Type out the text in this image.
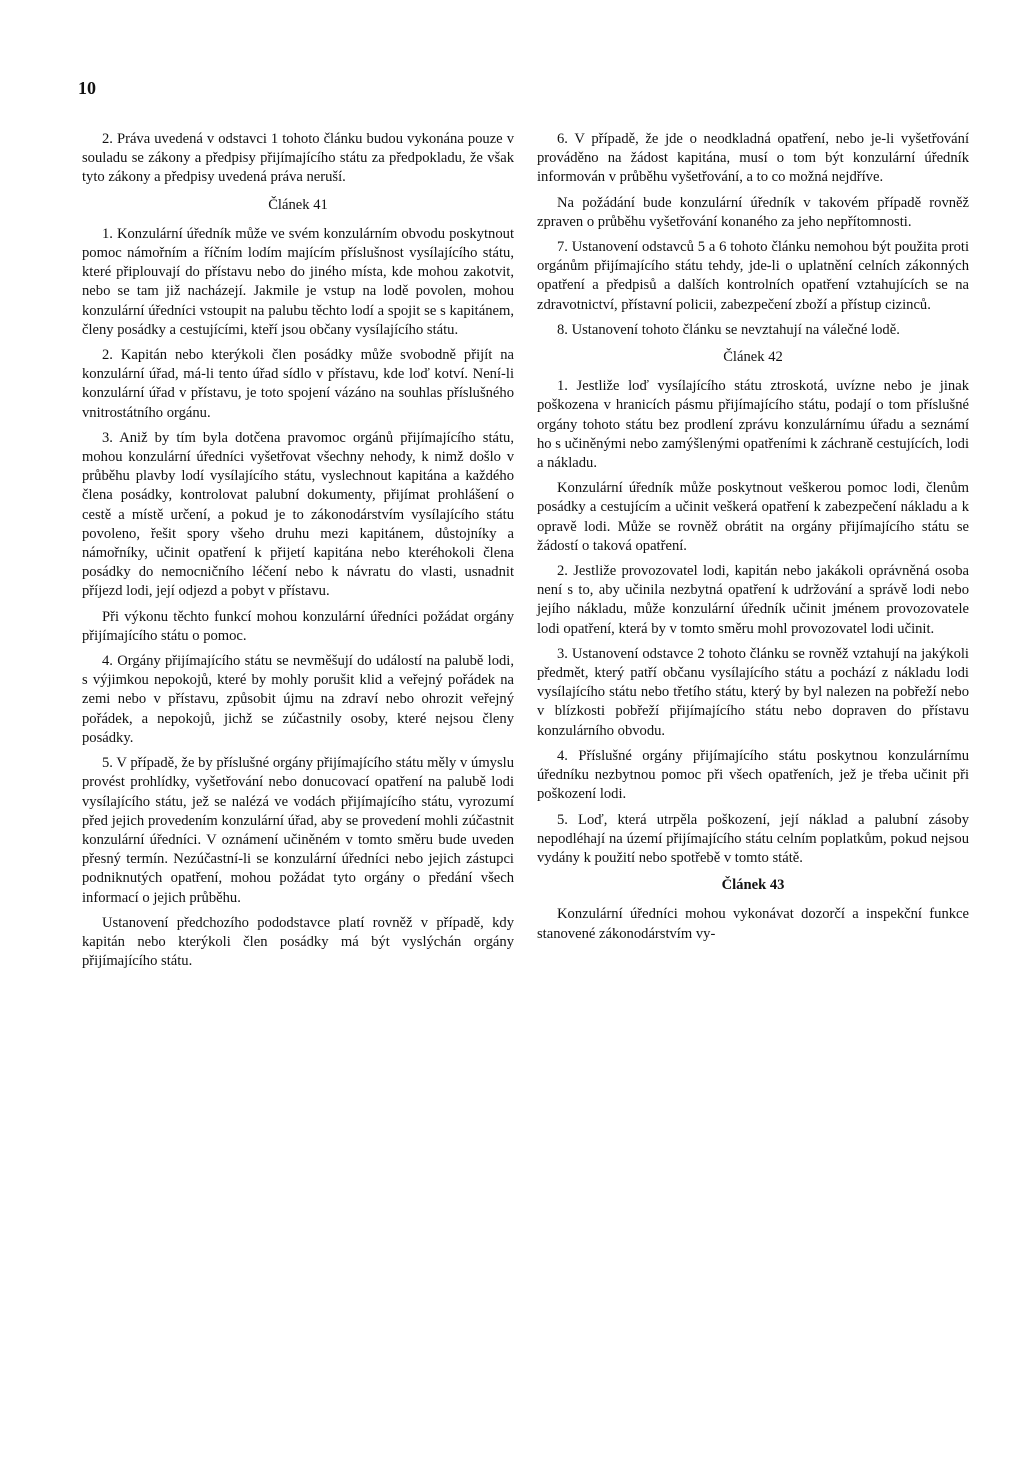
10

2. Práva uvedená v odstavci 1 tohoto článku budou vykonána pouze v souladu se zákony a předpisy přijímajícího státu za předpokladu, že však tyto zákony a předpisy uvedená práva neruší.

Článek 41

1. Konzulární úředník může ve svém konzulárním obvodu poskytnout pomoc námořním a říčním lodím majícím příslušnost vysílajícího státu, které připlouvají do přístavu nebo do jiného místa, kde mohou zakotvit, nebo se tam již nacházejí. Jakmile je vstup na lodě povolen, mohou konzulární úředníci vstoupit na palubu těchto lodí a spojit se s kapitánem, členy posádky a cestujícími, kteří jsou občany vysílajícího státu.

2. Kapitán nebo kterýkoli člen posádky může svobodně přijít na konzulární úřad, má-li tento úřad sídlo v přístavu, kde loď kotví. Není-li konzulární úřad v přístavu, je toto spojení vázáno na souhlas příslušného vnitrostátního orgánu.

3. Aniž by tím byla dotčena pravomoc orgánů přijímajícího státu, mohou konzulární úředníci vyšetřovat všechny nehody, k nimž došlo v průběhu plavby lodí vysílajícího státu, vyslechnout kapitána a každého člena posádky, kontrolovat palubní dokumenty, přijímat prohlášení o cestě a místě určení, a pokud je to zákonodárstvím vysílajícího státu povoleno, řešit spory všeho druhu mezi kapitánem, důstojníky a námořníky, učinit opatření k přijetí kapitána nebo kteréhokoli člena posádky do nemocničního léčení nebo k návratu do vlasti, usnadnit příjezd lodi, její odjezd a pobyt v přístavu.

Při výkonu těchto funkcí mohou konzulární úředníci požádat orgány přijímajícího státu o pomoc.

4. Orgány přijímajícího státu se nevměšují do událostí na palubě lodi, s výjimkou nepokojů, které by mohly porušit klid a veřejný pořádek na zemi nebo v přístavu, způsobit újmu na zdraví nebo ohrozit veřejný pořádek, a nepokojů, jichž se zúčastnily osoby, které nejsou členy posádky.

5. V případě, že by příslušné orgány přijímajícího státu měly v úmyslu provést prohlídky, vyšetřování nebo donucovací opatření na palubě lodi vysílajícího státu, jež se nalézá ve vodách přijímajícího státu, vyrozumí před jejich provedením konzulární úřad, aby se provedení mohli zúčastnit konzulární úředníci. V oznámení učiněném v tomto směru bude uveden přesný termín. Nezúčastní-li se konzulární úředníci nebo jejich zástupci podniknutých opatření, mohou požádat tyto orgány o předání všech informací o jejich průběhu.

Ustanovení předchozího pododstavce platí rovněž v případě, kdy kapitán nebo kterýkoli člen posádky má být vyslýchán orgány přijímajícího státu.

6. V případě, že jde o neodkladná opatření, nebo je-li vyšetřování prováděno na žádost kapitána, musí o tom být konzulární úředník informován v průběhu vyšetřování, a to co možná nejdříve.

Na požádání bude konzulární úředník v takovém případě rovněž zpraven o průběhu vyšetřování konaného za jeho nepřítomnosti.

7. Ustanovení odstavců 5 a 6 tohoto článku nemohou být použita proti orgánům přijímajícího státu tehdy, jde-li o uplatnění celních zákonných opatření a předpisů a dalších kontrolních opatření vztahujících se na zdravotnictví, přístavní policii, zabezpečení zboží a přístup cizinců.

8. Ustanovení tohoto článku se nevztahují na válečné lodě.

Článek 42

1. Jestliže loď vysílajícího státu ztroskotá, uvízne nebo je jinak poškozena v hranicích pásmu přijímajícího státu, podají o tom příslušné orgány tohoto státu bez prodlení zprávu konzulárnímu úřadu a seznámí ho s učiněnými nebo zamýšlenými opatřeními k záchraně cestujících, lodi a nákladu.

Konzulární úředník může poskytnout veškerou pomoc lodi, členům posádky a cestujícím a učinit veškerá opatření k zabezpečení nákladu a k opravě lodi. Může se rovněž obrátit na orgány přijímajícího státu se žádostí o taková opatření.

2. Jestliže provozovatel lodi, kapitán nebo jakákoli oprávněná osoba není s to, aby učinila nezbytná opatření k udržování a správě lodi nebo jejího nákladu, může konzulární úředník učinit jménem provozovatele lodi opatření, která by v tomto směru mohl provozovatel lodi učinit.

3. Ustanovení odstavce 2 tohoto článku se rovněž vztahují na jakýkoli předmět, který patří občanu vysílajícího státu a pochází z nákladu lodi vysílajícího státu nebo třetího státu, který by byl nalezen na pobřeží nebo v blízkosti pobřeží přijímajícího státu nebo dopraven do přístavu konzulárního obvodu.

4. Příslušné orgány přijímajícího státu poskytnou konzulárnímu úředníku nezbytnou pomoc při všech opatřeních, jež je třeba učinit při poškození lodi.

5. Loď, která utrpěla poškození, její náklad a palubní zásoby nepodléhají na území přijímajícího státu celním poplatkům, pokud nejsou vydány k použití nebo spotřebě v tomto státě.

Článek 43

Konzulární úředníci mohou vykonávat dozorčí a inspekční funkce stanovené zákonodárstvím vy-
